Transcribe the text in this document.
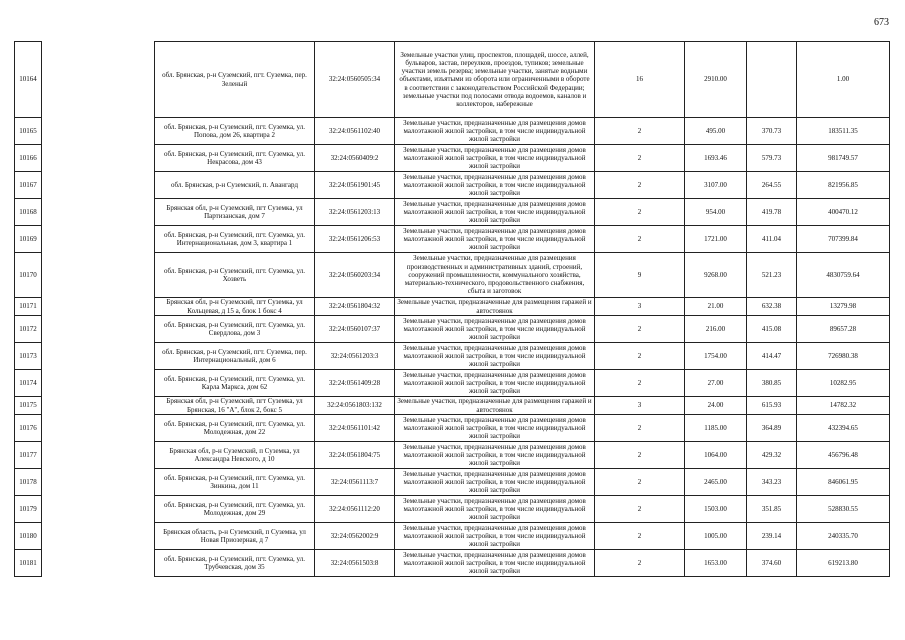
673
10164		обл. Брянская, р-н Суземский, пгт. Суземка, пер. Зеленый	32:24:0560505:34	Земельные участки улиц, проспектов, площадей, шоссе, аллей, бульваров, застав, переулков, проездов, тупиков; земельные участки земель резерва; земельные участки, занятые водными объектами, изъятыми из оборота или ограниченными в обороте в соответствии с законодательством Российской Федерации; земельные участки под полосами отвода водоемов, каналов и коллекторов, набережные	16	2910.00		1.00
10165		обл. Брянская, р-н Суземский, пгт. Суземка, ул. Попова, дом 26, квартира 2	32:24:0561102:40	Земельные участки, предназначенные для размещения домов малоэтажной жилой застройки, в том числе индивидуальной жилой застройки	2	495.00	370.73	183511.35
10166		обл. Брянская, р-н Суземский, пгт. Суземка, ул. Некрасова, дом 43	32:24:0560409:2	Земельные участки, предназначенные для размещения домов малоэтажной жилой застройки, в том числе индивидуальной жилой застройки	2	1693.46	579.73	981749.57
10167		обл. Брянская, р-н Суземский, п. Авангард	32:24:0561901:45	Земельные участки, предназначенные для размещения домов малоэтажной жилой застройки, в том числе индивидуальной жилой застройки	2	3107.00	264.55	821956.85
10168		Брянская обл, р-н Суземский, пгт Суземка, ул Партизанская, дом 7	32:24:0561203:13	Земельные участки, предназначенные для размещения домов малоэтажной жилой застройки, в том числе индивидуальной жилой застройки	2	954.00	419.78	400470.12
10169		обл. Брянская, р-н Суземский, пгт. Суземка, ул. Интернациональная, дом 3, квартира 1	32:24:0561206:53	Земельные участки, предназначенные для размещения домов малоэтажной жилой застройки, в том числе индивидуальной жилой застройки	2	1721.00	411.04	707399.84
10170		обл. Брянская, р-н Суземский, пгт. Суземка, ул. Хозветь	32:24:0560203:34	Земельные участки, предназначенные для размещения производственных и административных зданий, строений, сооружений промышленности, коммунального хозяйства, материально-технического, продовольственного снабжения, сбыта и заготовок	9	9268.00	521.23	4830759.64
10171		Брянская обл, р-н Суземский, пгт Суземка, ул Кольцевая, д 15 а, блок 1 бокс 4	32:24:0561804:32	Земельные участки, предназначенные для размещения гаражей и автостоянок	3	21.00	632.38	13279.98
10172		обл. Брянская, р-н Суземский, пгт. Суземка, ул. Свердлова, дом 3	32:24:0560107:37	Земельные участки, предназначенные для размещения домов малоэтажной жилой застройки, в том числе индивидуальной жилой застройки	2	216.00	415.08	89657.28
10173		обл. Брянская, р-н Суземский, пгт. Суземка, пер. Интернациональный, дом 6	32:24:0561203:3	Земельные участки, предназначенные для размещения домов малоэтажной жилой застройки, в том числе индивидуальной жилой застройки	2	1754.00	414.47	726980.38
10174		обл. Брянская, р-н Суземский, пгт. Суземка, ул. Карла Маркса, дом 62	32:24:0561409:28	Земельные участки, предназначенные для размещения домов малоэтажной жилой застройки, в том числе индивидуальной жилой застройки	2	27.00	380.85	10282.95
10175		Брянская обл, р-н Суземский, пгт Суземка, ул Брянская, 16 "А", блок 2, бокс 5	32:24:0561803:132	Земельные участки, предназначенные для размещения гаражей и автостоянок	3	24.00	615.93	14782.32
10176		обл. Брянская, р-н Суземский, пгт. Суземка, ул. Молодежная, дом 22	32:24:0561101:42	Земельные участки, предназначенные для размещения домов малоэтажной жилой застройки, в том числе индивидуальной жилой застройки	2	1185.00	364.89	432394.65
10177		Брянская обл, р-н Суземский, п Суземка, ул Александра Невского, д 10	32:24:0561804:75	Земельные участки, предназначенные для размещения домов малоэтажной жилой застройки, в том числе индивидуальной жилой застройки	2	1064.00	429.32	456796.48
10178		обл. Брянская, р-н Суземский, пгт. Суземка, ул. Зинкина, дом 11	32:24:0561113:7	Земельные участки, предназначенные для размещения домов малоэтажной жилой застройки, в том числе индивидуальной жилой застройки	2	2465.00	343.23	846061.95
10179		обл. Брянская, р-н Суземский, пгт. Суземка, ул. Молодежная, дом 29	32:24:0561112:20	Земельные участки, предназначенные для размещения домов малоэтажной жилой застройки, в том числе индивидуальной жилой застройки	2	1503.00	351.85	528830.55
10180		Брянская область, р-н Суземский, п Суземка, ул Новая Приозерная, д 7	32:24:0562002:9	Земельные участки, предназначенные для размещения домов малоэтажной жилой застройки, в том числе индивидуальной жилой застройки	2	1005.00	239.14	240335.70
10181		обл. Брянская, р-н Суземский, пгт. Суземка, ул. Трубчевская, дом 35	32:24:0561503:8	Земельные участки, предназначенные для размещения домов малоэтажной жилой застройки, в том числе индивидуальной жилой застройки	2	1653.00	374.60	619213.80
